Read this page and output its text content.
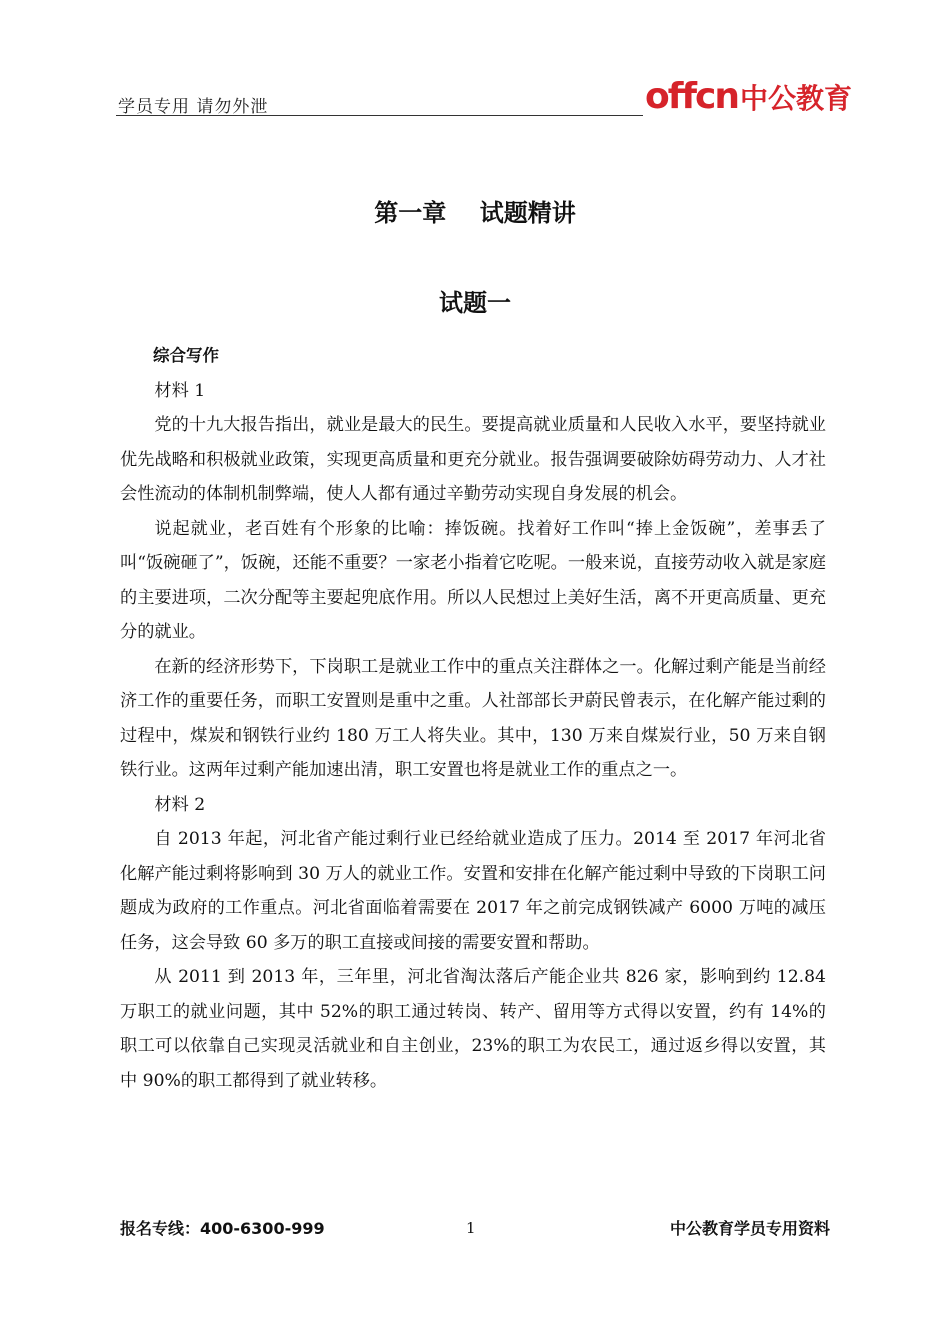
学员专用 请勿外泄	offcn中公教育
第一章    试题精讲
试题一

综合写作

材料 1

党的十九大报告指出，就业是最大的民生。要提高就业质量和人民收入水平，要坚持就业优先战略和积极就业政策，实现更高质量和更充分就业。报告强调要破除妨碍劳动力、人才社会性流动的体制机制弊端，使人人都有通过辛勤劳动实现自身发展的机会。

说起就业，老百姓有个形象的比喻：捧饭碗。找着好工作叫“捧上金饭碗”，差事丢了叫“饭碗砸了”，饭碗，还能不重要？一家老小指着它吃呢。一般来说，直接劳动收入就是家庭的主要进项，二次分配等主要起兜底作用。所以人民想过上美好生活，离不开更高质量、更充分的就业。

在新的经济形势下，下岗职工是就业工作中的重点关注群体之一。化解过剩产能是当前经济工作的重要任务，而职工安置则是重中之重。人社部部长尹蔚民曾表示，在化解产能过剩的过程中，煤炭和钢铁行业约 180 万工人将失业。其中，130 万来自煤炭行业，50 万来自钢铁行业。这两年过剩产能加速出清，职工安置也将是就业工作的重点之一。

材料 2

自 2013 年起，河北省产能过剩行业已经给就业造成了压力。2014 至 2017 年河北省化解产能过剩将影响到 30 万人的就业工作。安置和安排在化解产能过剩中导致的下岗职工问题成为政府的工作重点。河北省面临着需要在 2017 年之前完成钢铁减产 6000 万吨的减压任务，这会导致 60 多万的职工直接或间接的需要安置和帮助。

从 2011 到 2013 年，三年里，河北省淘汰落后产能企业共 826 家，影响到约 12.84 万职工的就业问题，其中 52%的职工通过转岗、转产、留用等方式得以安置，约有 14%的职工可以依靠自己实现灵活就业和自主创业，23%的职工为农民工，通过返乡得以安置，其中 90%的职工都得到了就业转移。

报名专线：400-6300-999	1	中公教育学员专用资料
